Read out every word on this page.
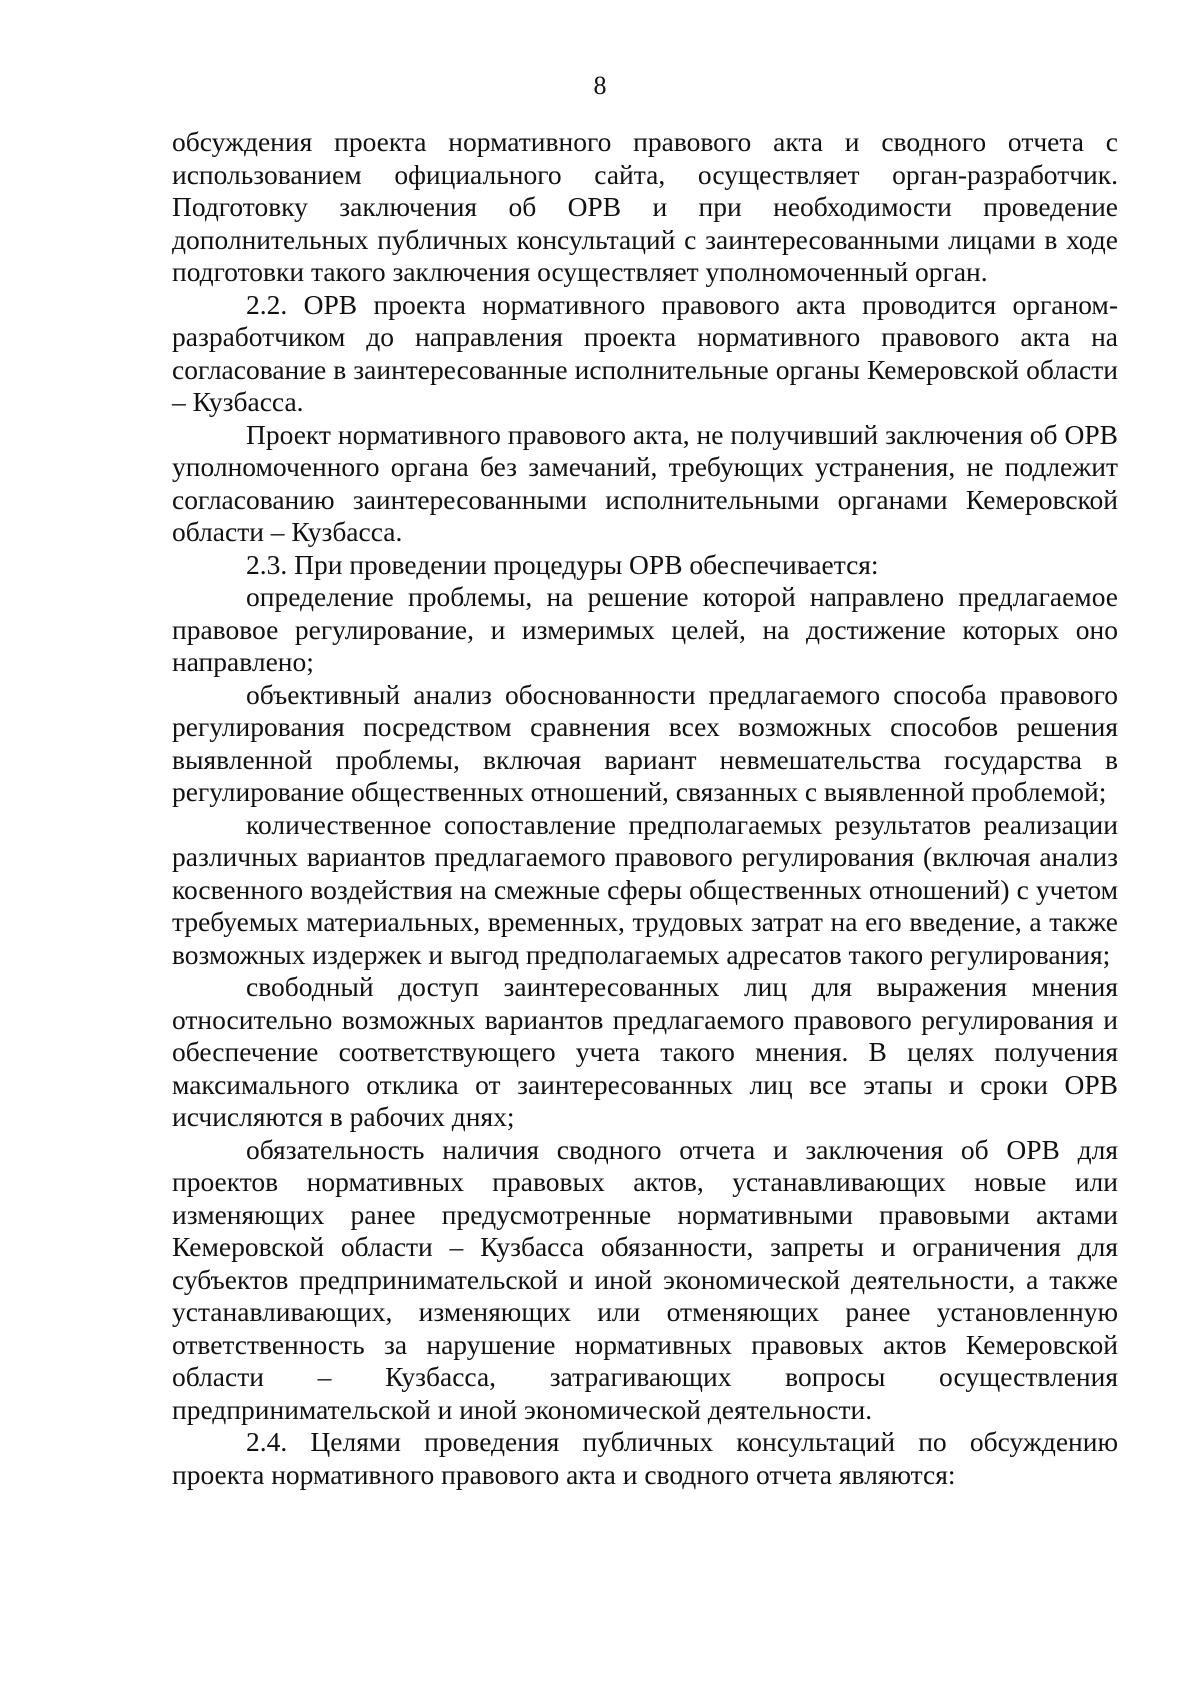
8

обсуждения проекта нормативного правового акта и сводного отчета с использованием официального сайта, осуществляет орган-разработчик. Подготовку заключения об ОРВ и при необходимости проведение дополнительных публичных консультаций с заинтересованными лицами в ходе подготовки такого заключения осуществляет уполномоченный орган.

2.2. ОРВ проекта нормативного правового акта проводится органом-разработчиком до направления проекта нормативного правового акта на согласование в заинтересованные исполнительные органы Кемеровской области – Кузбасса.

Проект нормативного правового акта, не получивший заключения об ОРВ уполномоченного органа без замечаний, требующих устранения, не подлежит согласованию заинтересованными исполнительными органами Кемеровской области – Кузбасса.

2.3. При проведении процедуры ОРВ обеспечивается:

определение проблемы, на решение которой направлено предлагаемое правовое регулирование, и измеримых целей, на достижение которых оно направлено;

объективный анализ обоснованности предлагаемого способа правового регулирования посредством сравнения всех возможных способов решения выявленной проблемы, включая вариант невмешательства государства в регулирование общественных отношений, связанных с выявленной проблемой;

количественное сопоставление предполагаемых результатов реализации различных вариантов предлагаемого правового регулирования (включая анализ косвенного воздействия на смежные сферы общественных отношений) с учетом требуемых материальных, временных, трудовых затрат на его введение, а также возможных издержек и выгод предполагаемых адресатов такого регулирования;

свободный доступ заинтересованных лиц для выражения мнения относительно возможных вариантов предлагаемого правового регулирования и обеспечение соответствующего учета такого мнения. В целях получения максимального отклика от заинтересованных лиц все этапы и сроки ОРВ исчисляются в рабочих днях;

обязательность наличия сводного отчета и заключения об ОРВ для проектов нормативных правовых актов, устанавливающих новые или изменяющих ранее предусмотренные нормативными правовыми актами Кемеровской области – Кузбасса обязанности, запреты и ограничения для субъектов предпринимательской и иной экономической деятельности, а также устанавливающих, изменяющих или отменяющих ранее установленную ответственность за нарушение нормативных правовых актов Кемеровской области – Кузбасса, затрагивающих вопросы осуществления предпринимательской и иной экономической деятельности.

2.4. Целями проведения публичных консультаций по обсуждению проекта нормативного правового акта и сводного отчета являются:
